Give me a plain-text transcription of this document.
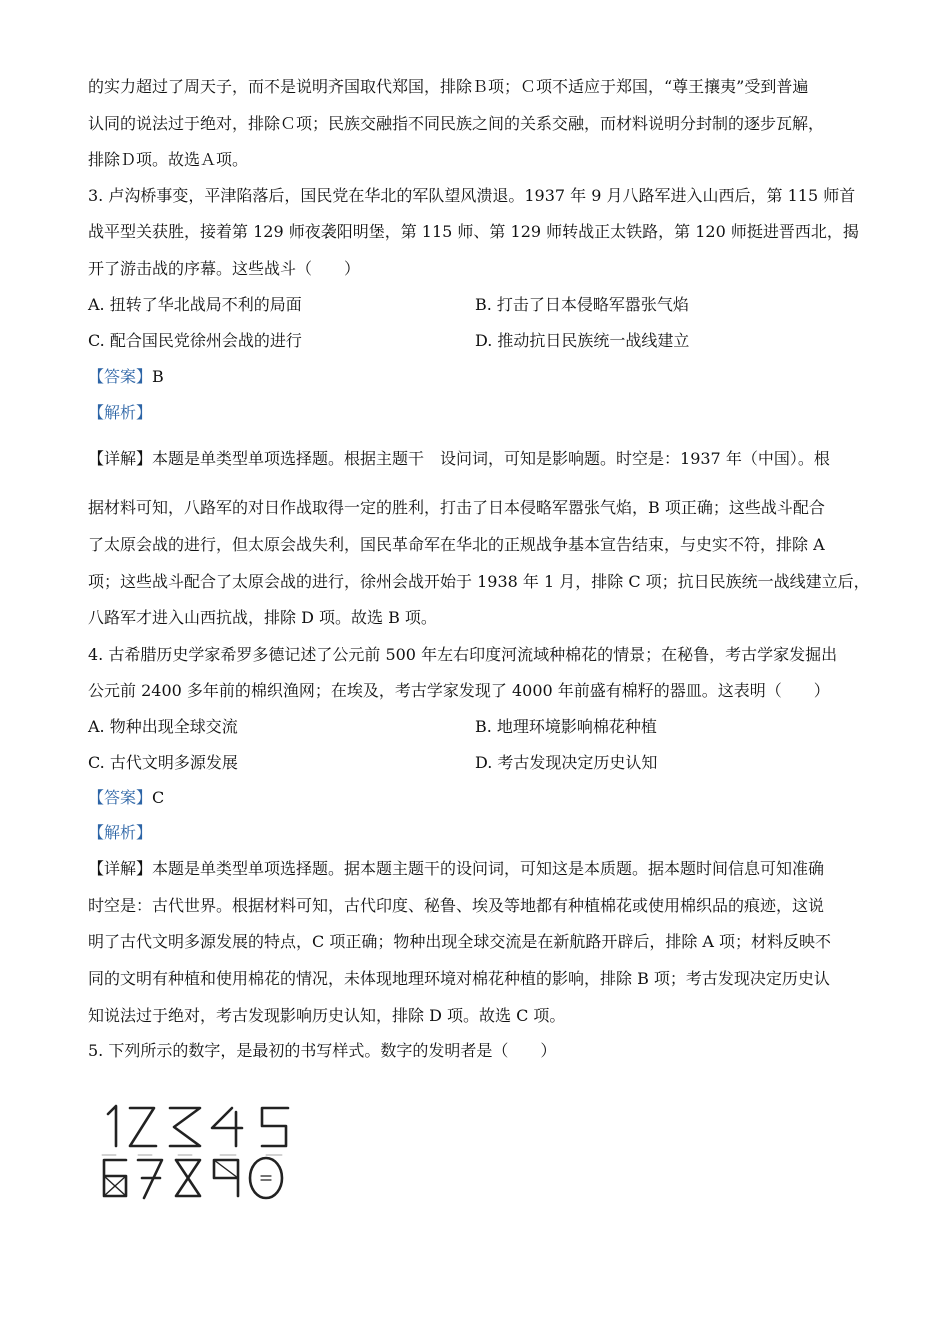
的实力超过了周天子，而不是说明齐国取代郑国，排除Ｂ项；Ｃ项不适应于郑国，“尊王攘夷”受到普遍
认同的说法过于绝对，排除Ｃ项；民族交融指不同民族之间的关系交融，而材料说明分封制的逐步瓦解，
排除Ｄ项。故选Ａ项。
3. 卢沟桥事变，平津陷落后，国民党在华北的军队望风溃退。1937 年 9 月八路军进入山西后，第 115 师首
战平型关获胜，接着第 129 师夜袭阳明堡，第 115 师、第 129 师转战正太铁路，第 120 师挺进晋西北，揭
开了游击战的序幕。这些战斗（　　）
A. 扭转了华北战局不利的局面	B. 打击了日本侵略军嚣张气焰
C. 配合国民党徐州会战的进行	D. 推动抗日民族统一战线建立
【答案】B
【解析】
【详解】本题是单类型单项选择题。根据主题干　设问词，可知是影响题。时空是：1937 年（中国）。根
据材料可知，八路军的对日作战取得一定的胜利，打击了日本侵略军嚣张气焰，B 项正确；这些战斗配合
了太原会战的进行，但太原会战失利，国民革命军在华北的正规战争基本宣告结束，与史实不符，排除 A
项；这些战斗配合了太原会战的进行，徐州会战开始于 1938 年 1 月，排除 C 项；抗日民族统一战线建立后，
八路军才进入山西抗战，排除 D 项。故选 B 项。
4. 古希腊历史学家希罗多德记述了公元前 500 年左右印度河流域种棉花的情景；在秘鲁，考古学家发掘出
公元前 2400 多年前的棉织渔网；在埃及，考古学家发现了 4000 年前盛有棉籽的器皿。这表明（　　）
A. 物种出现全球交流	B. 地理环境影响棉花种植
C. 古代文明多源发展	D. 考古发现决定历史认知
【答案】C
【解析】
【详解】本题是单类型单项选择题。据本题主题干的设问词，可知这是本质题。据本题时间信息可知准确
时空是：古代世界。根据材料可知，古代印度、秘鲁、埃及等地都有种植棉花或使用棉织品的痕迹，这说
明了古代文明多源发展的特点，C 项正确；物种出现全球交流是在新航路开辟后，排除 A 项；材料反映不
同的文明有种植和使用棉花的情况，未体现地理环境对棉花种植的影响，排除 B 项；考古发现决定历史认
知说法过于绝对，考古发现影响历史认知，排除 D 项。故选 C 项。
5. 下列所示的数字，是最初的书写样式。数字的发明者是（　　）
